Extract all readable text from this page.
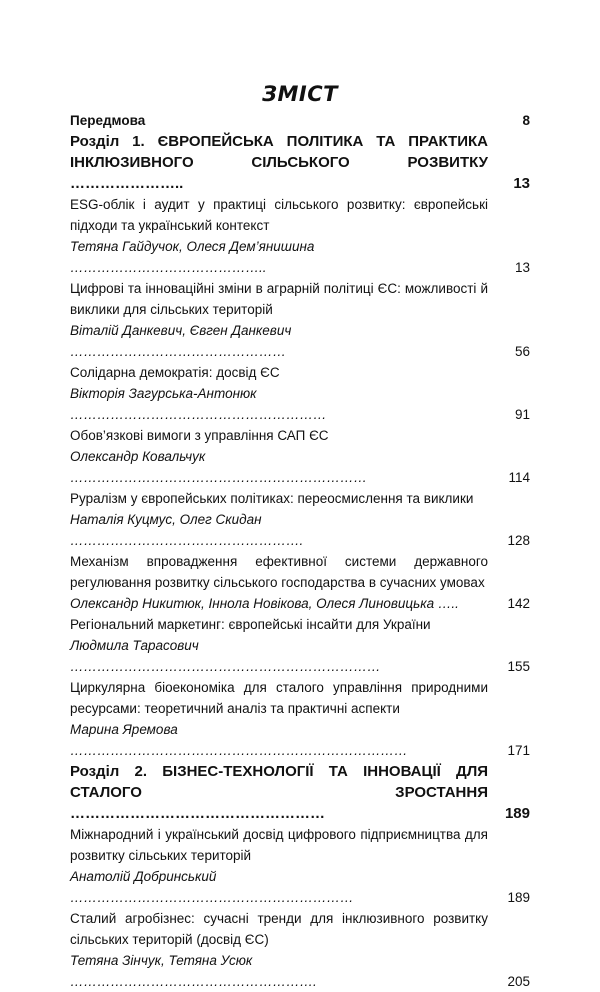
ЗМІСТ
Передмова	8
Розділ 1. ЄВРОПЕЙСЬКА ПОЛІТИКА ТА ПРАКТИКА ІНКЛЮЗИВНОГО СІЛЬСЬКОГО РОЗВИТКУ …………………..	13
ESG-облік і аудит у практиці сільського розвитку: європейські підходи та український контекст
Тетяна Гайдучок, Олеся Дем’янишина ……………………………………..	13
Цифрові та інноваційні зміни в аграрній політиці ЄС: можливості й виклики для сільських територій
Віталій Данкевич, Євген Данкевич …………………………………………	56
Солідарна демократія: досвід ЄС
Вікторія Загурська-Антонюк …………………………………………………	91
Обов’язкові вимоги з управління САП ЄС
Олександр Ковальчук …………………………………………………………	114
Руралізм у європейських політиках: переосмислення та виклики
Наталія Куцмус, Олег Скидан …………………………………………….	128
Механізм впровадження ефективної системи державного регулювання розвитку сільського господарства в сучасних умовах
Олександр Никитюк, Іннола Новікова, Олеся Линовицька …..	142
Регіональний маркетинг: європейські інсайти для України
Людмила Тарасович ……………………………………………………………	155
Циркулярна біоекономіка для сталого управління природними ресурсами: теоретичний аналіз та практичні аспекти
Марина Яремова …………………………………………………………………	171
Розділ 2. БІЗНЕС-ТЕХНОЛОГІЇ ТА ІННОВАЦІЇ ДЛЯ СТАЛОГО ЗРОСТАННЯ ……………………………………………	189
Міжнародний і український досвід цифрового підприємництва для розвитку сільських територій
Анатолій Добринський ………………………………………………………	189
Сталий агробізнес: сучасні тренди для інклюзивного розвитку сільських територій (досвід ЄС)
Тетяна Зінчук, Тетяна Усюк ……………………………………………….	205
